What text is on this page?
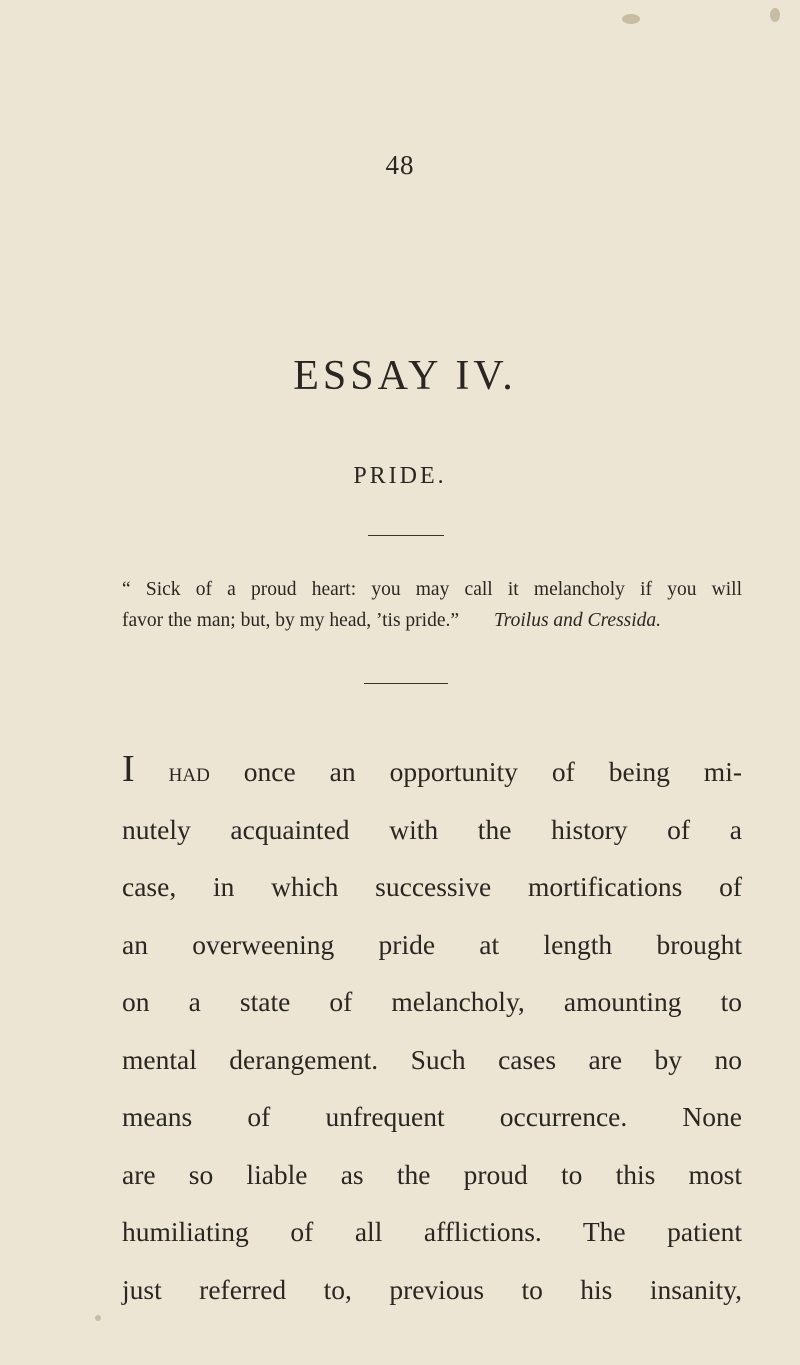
48
ESSAY IV.
PRIDE.
“ Sick of a proud heart: you may call it melancholy if you will
favor the man; but, by my head, ’tis pride.” Troilus and Cressida.
I had once an opportunity of being mi-
nutely acquainted with the history of a
case, in which successive mortifications of
an overweening pride at length brought
on a state of melancholy, amounting to
mental derangement. Such cases are by no
means of unfrequent occurrence. None
are so liable as the proud to this most
humiliating of all afflictions. The patient
just referred to, previous to his insanity,
